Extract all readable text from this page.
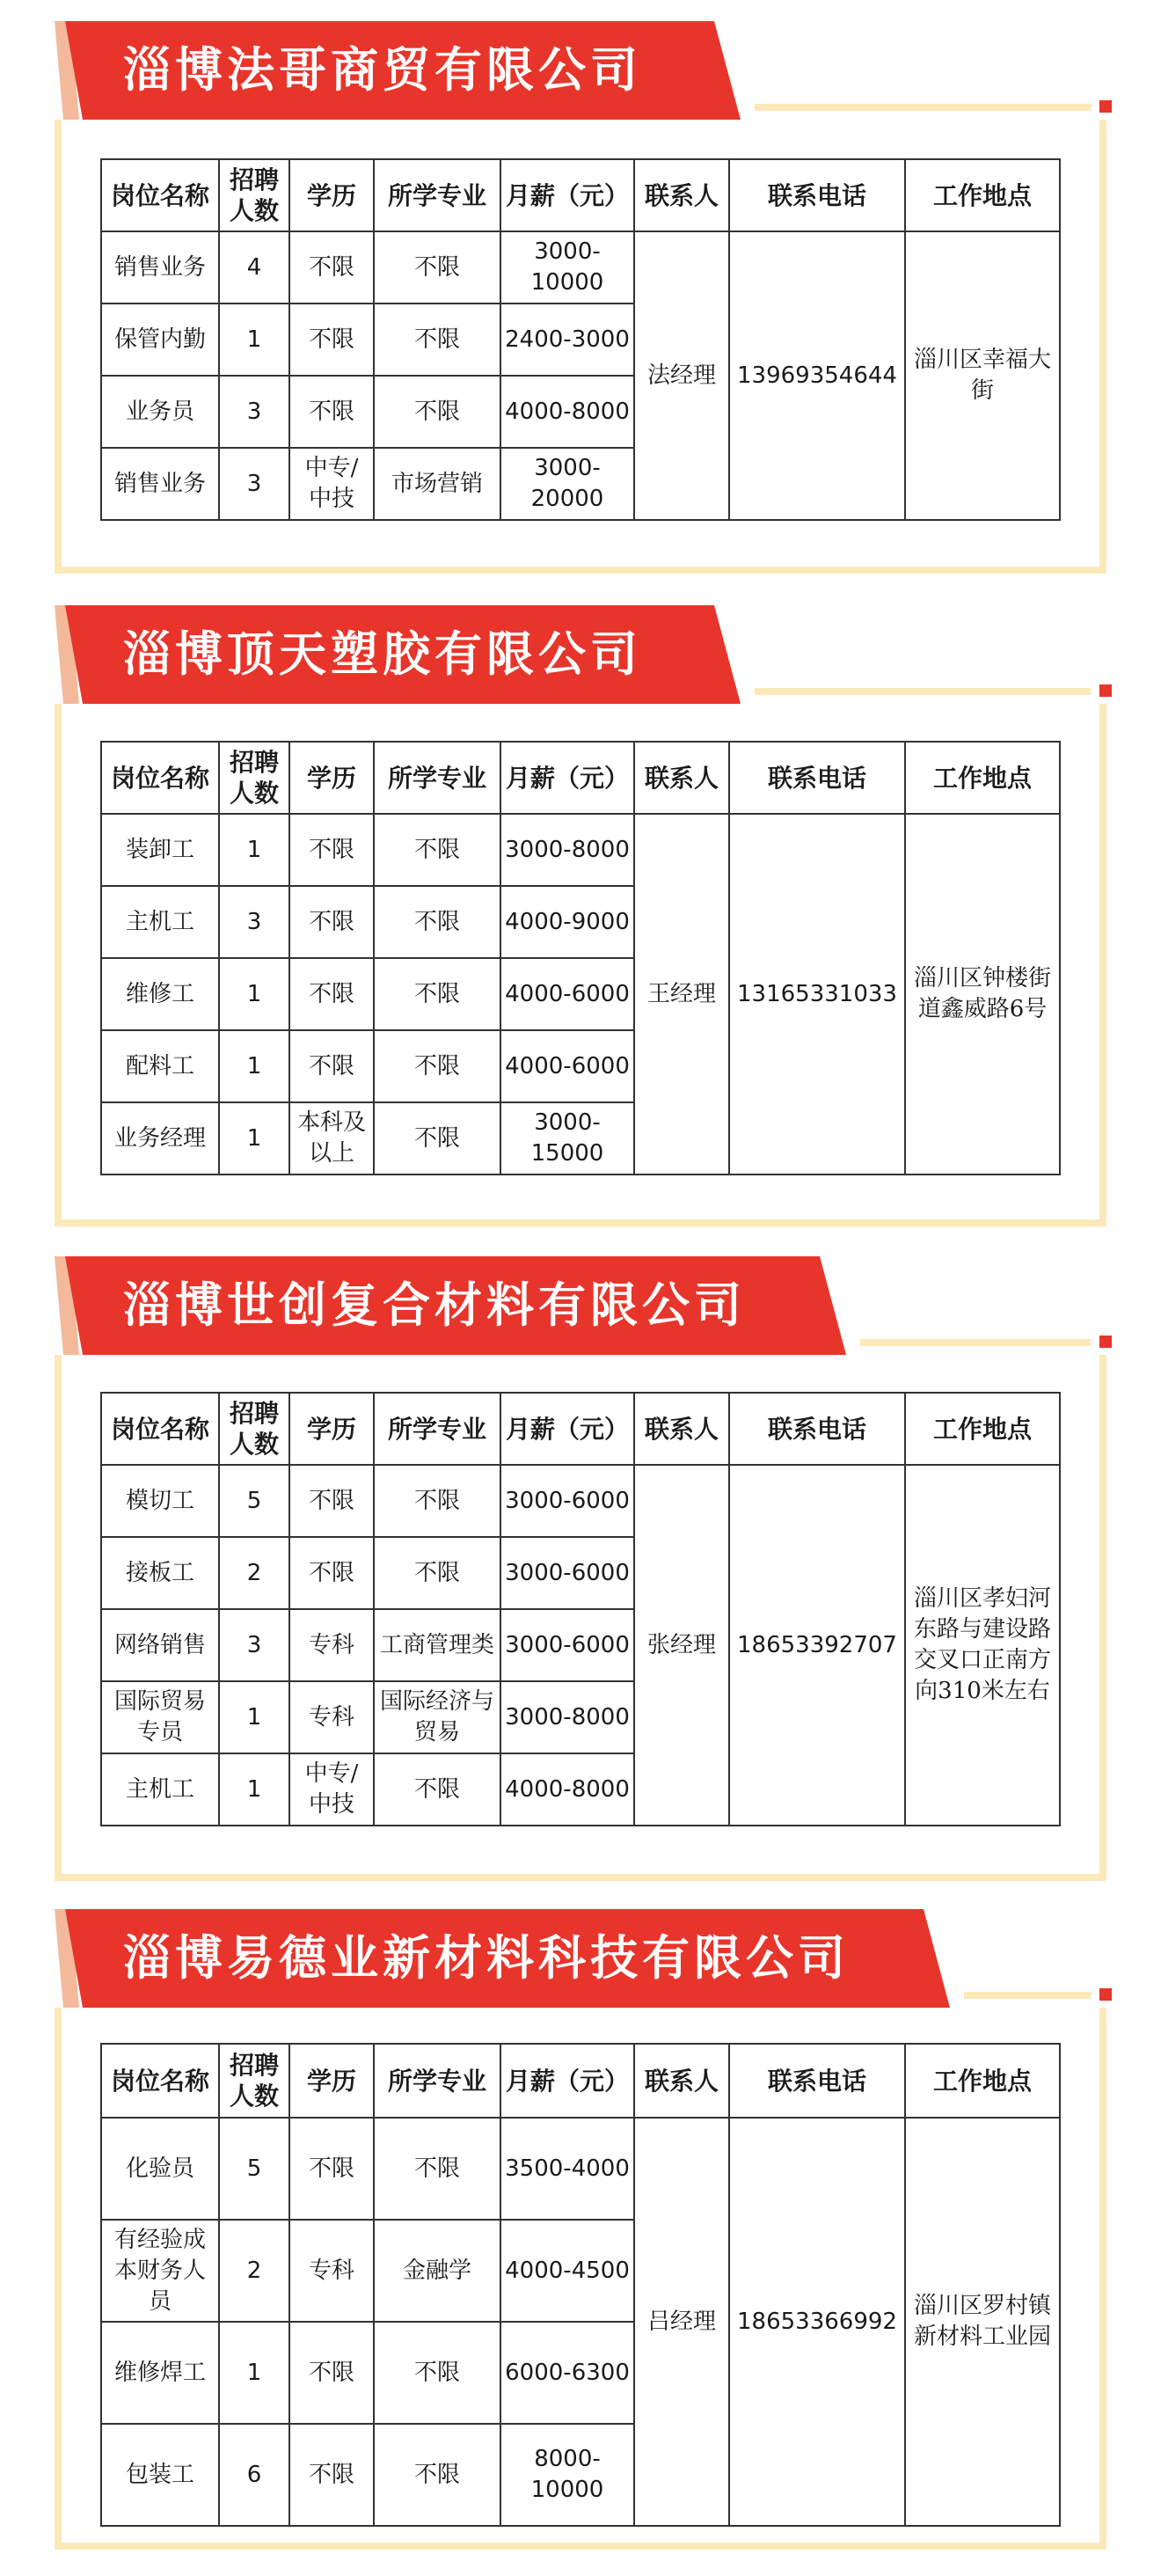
淄博法哥商贸有限公司
岗位名称	招聘人数	学历	所学专业	月薪（元）	联系人	联系电话	工作地点
销售业务	4	不限	不限	3000-10000	法经理	13969354644	淄川区幸福大街
保管内勤	1	不限	不限	2400-3000			
业务员	3	不限	不限	4000-8000			
销售业务	3	中专/中技	市场营销	3000-20000			
淄博顶天塑胶有限公司
岗位名称	招聘人数	学历	所学专业	月薪（元）	联系人	联系电话	工作地点
装卸工	1	不限	不限	3000-8000	王经理	13165331033	淄川区钟楼街道鑫威路6号
主机工	3	不限	不限	4000-9000			
维修工	1	不限	不限	4000-6000			
配料工	1	不限	不限	4000-6000			
业务经理	1	本科及以上	不限	3000-15000			
淄博世创复合材料有限公司
岗位名称	招聘人数	学历	所学专业	月薪（元）	联系人	联系电话	工作地点
模切工	5	不限	不限	3000-6000	张经理	18653392707	淄川区孝妇河东路与建设路交叉口正南方向310米左右
接板工	2	不限	不限	3000-6000			
网络销售	3	专科	工商管理类	3000-6000			
国际贸易专员	1	专科	国际经济与贸易	3000-8000			
主机工	1	中专/中技	不限	4000-8000			
淄博易德业新材料科技有限公司
岗位名称	招聘人数	学历	所学专业	月薪（元）	联系人	联系电话	工作地点
化验员	5	不限	不限	3500-4000	吕经理	18653366992	淄川区罗村镇新材料工业园
有经验成本财务人员	2	专科	金融学	4000-4500			
维修焊工	1	不限	不限	6000-6300			
包装工	6	不限	不限	8000-10000			
